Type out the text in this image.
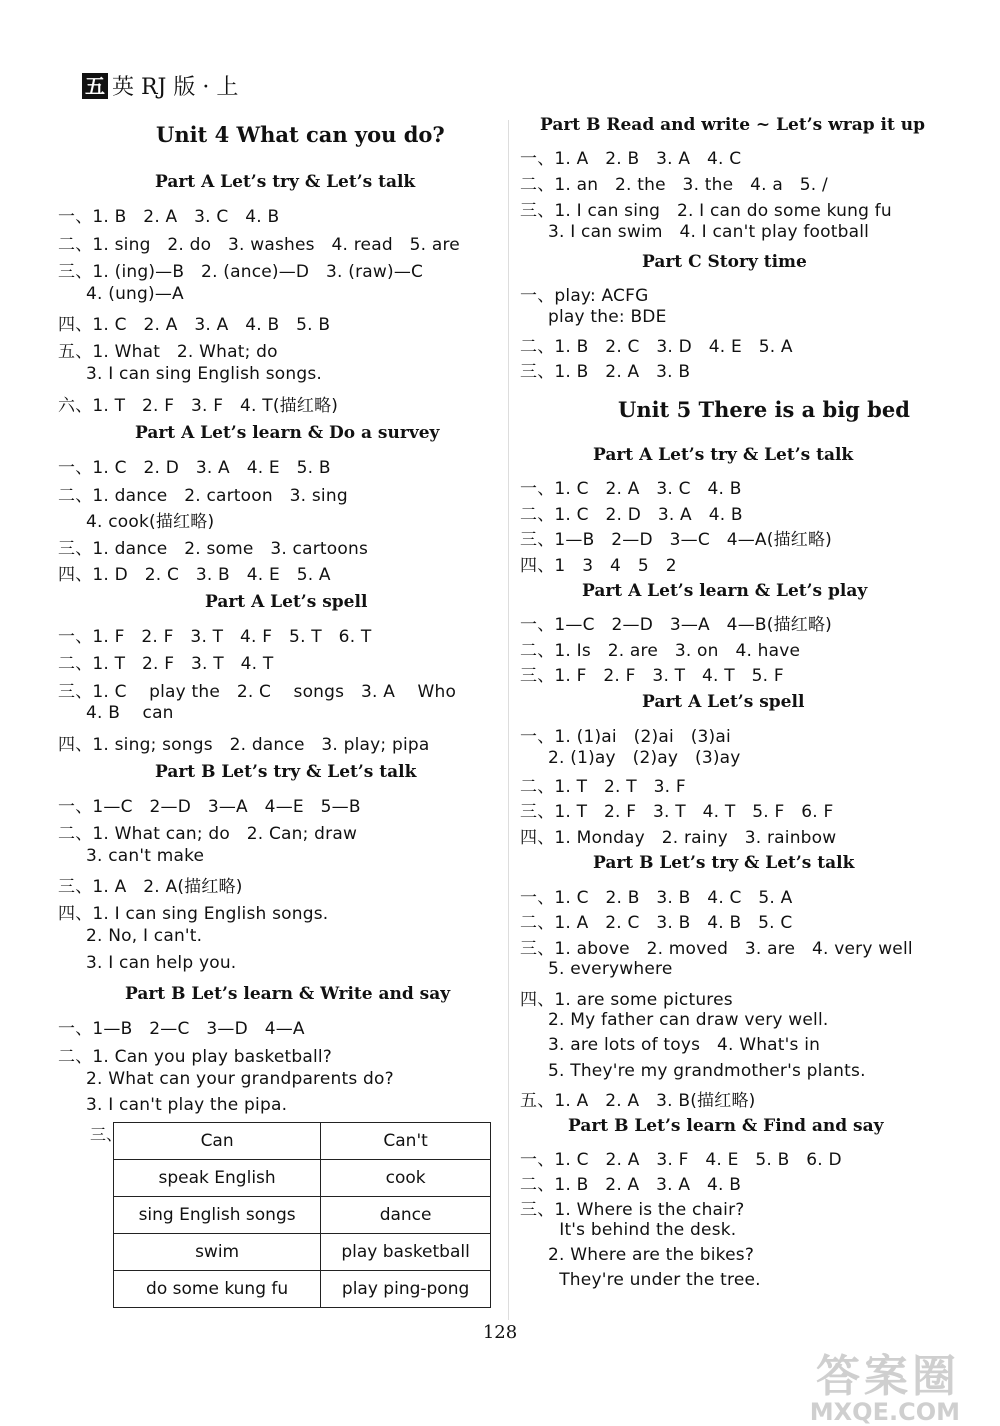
五 英 RJ 版 · 上
Unit 4 What can you do?
Part A Let’s try & Let’s talk
一、1. B   2. A   3. C   4. B
二、1. sing   2. do   3. washes   4. read   5. are
三、1. (ing)—B   2. (ance)—D   3. (raw)—C
4. (ung)—A
四、1. C   2. A   3. A   4. B   5. B
五、1. What   2. What; do
3. I can sing English songs.
六、1. T   2. F   3. F   4. T(描红略)
Part A Let’s learn & Do a survey
一、1. C   2. D   3. A   4. E   5. B
二、1. dance   2. cartoon   3. sing
4. cook(描红略)
三、1. dance   2. some   3. cartoons
四、1. D   2. C   3. B   4. E   5. A
Part A Let’s spell
一、1. F   2. F   3. T   4. F   5. T   6. T
二、1. T   2. F   3. T   4. T
三、1. C    play the   2. C    songs   3. A    Who
4. B    can
四、1. sing; songs   2. dance   3. play; pipa
Part B Let’s try & Let’s talk
一、1—C   2—D   3—A   4—E   5—B
二、1. What can; do   2. Can; draw
3. can't make
三、1. A   2. A(描红略)
四、1. I can sing English songs.
2. No, I can't.
3. I can help you.
Part B Let’s learn & Write and say
一、1—B   2—C   3—D   4—A
二、1. Can you play basketball?
2. What can your grandparents do?
3. I can't play the pipa.
三、	Can	Can't
speak English	cook
sing English songs	dance
swim	play basketball
do some kung fu	play ping-pong
Part B Read and write ~ Let’s wrap it up
一、1. A   2. B   3. A   4. C
二、1. an   2. the   3. the   4. a   5. /
三、1. I can sing   2. I can do some kung fu
3. I can swim   4. I can't play football
Part C Story time
一、play: ACFG
play the: BDE
二、1. B   2. C   3. D   4. E   5. A
三、1. B   2. A   3. B
Unit 5 There is a big bed
Part A Let’s try & Let’s talk
一、1. C   2. A   3. C   4. B
二、1. C   2. D   3. A   4. B
三、1—B   2—D   3—C   4—A(描红略)
四、1   3   4   5   2
Part A Let’s learn & Let’s play
一、1—C   2—D   3—A   4—B(描红略)
二、1. Is   2. are   3. on   4. have
三、1. F   2. F   3. T   4. T   5. F
Part A Let’s spell
一、1. (1)ai   (2)ai   (3)ai
2. (1)ay   (2)ay   (3)ay
二、1. T   2. T   3. F
三、1. T   2. F   3. T   4. T   5. F   6. F
四、1. Monday   2. rainy   3. rainbow
Part B Let’s try & Let’s talk
一、1. C   2. B   3. B   4. C   5. A
二、1. A   2. C   3. B   4. B   5. C
三、1. above   2. moved   3. are   4. very well
5. everywhere
四、1. are some pictures
2. My father can draw very well.
3. are lots of toys   4. What's in
5. They're my grandmother's plants.
五、1. A   2. A   3. B(描红略)
Part B Let’s learn & Find and say
一、1. C   2. A   3. F   4. E   5. B   6. D
二、1. B   2. A   3. A   4. B
三、1. Where is the chair?
It's behind the desk.
2. Where are the bikes?
They're under the tree.
128
答案圈
MXQE.COM
